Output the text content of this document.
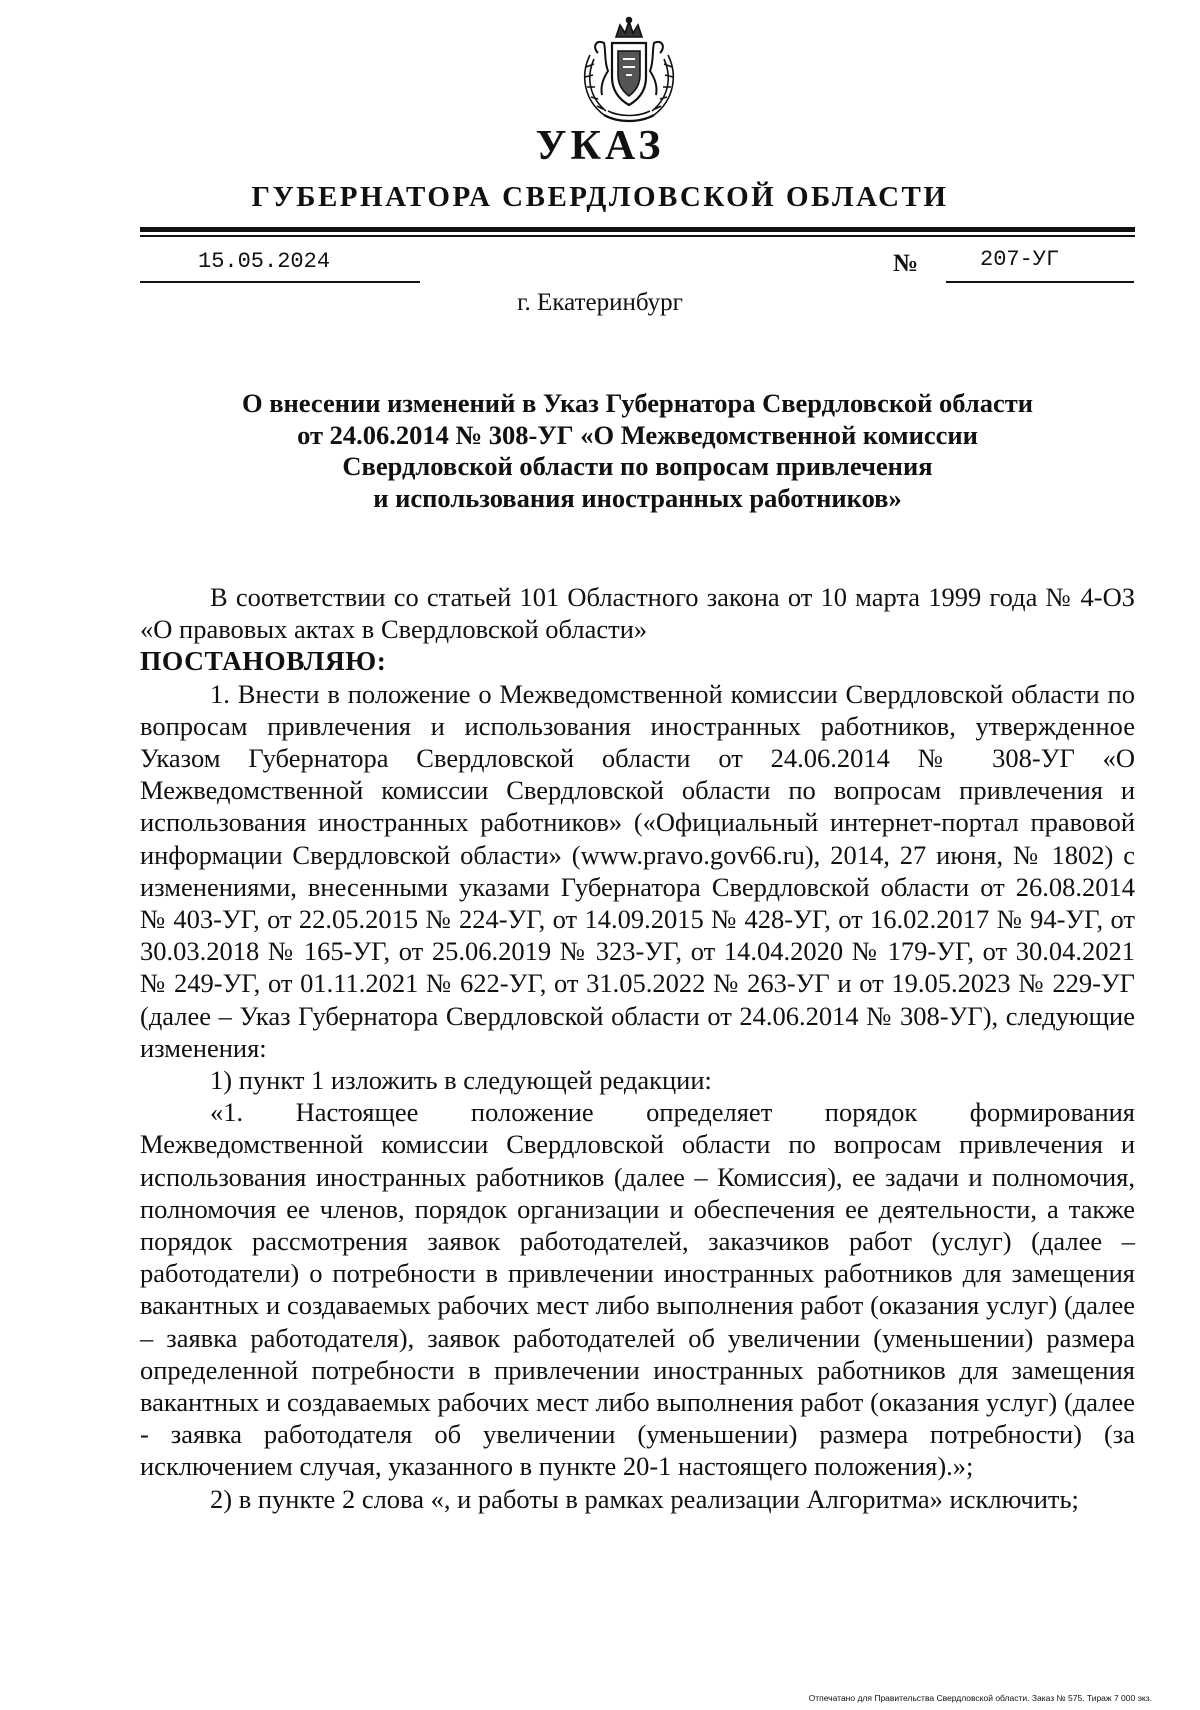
УКАЗ
ГУБЕРНАТОРА СВЕРДЛОВСКОЙ ОБЛАСТИ
15.05.2024	№	207-УГ
г. Екатеринбург
О внесении изменений в Указ Губернатора Свердловской области
от 24.06.2014 № 308-УГ «О Межведомственной комиссии
Свердловской области по вопросам привлечения
и использования иностранных работников»

В соответствии со статьей 101 Областного закона от 10 марта 1999 года № 4-ОЗ «О правовых актах в Свердловской области»

ПОСТАНОВЛЯЮ:

1. Внести в положение о Межведомственной комиссии Свердловской области по вопросам привлечения и использования иностранных работников, утвержденное Указом Губернатора Свердловской области от 24.06.2014 № 308-УГ «О Межведомственной комиссии Свердловской области по вопросам привлечения и использования иностранных работников» («Официальный интернет-портал правовой информации Свердловской области» (www.pravo.gov66.ru), 2014, 27 июня, № 1802) с изменениями, внесенными указами Губернатора Свердловской области от 26.08.2014 № 403-УГ, от 22.05.2015 № 224-УГ, от 14.09.2015 № 428-УГ, от 16.02.2017 № 94-УГ, от 30.03.2018 № 165-УГ, от 25.06.2019 № 323-УГ, от 14.04.2020 № 179-УГ, от 30.04.2021 № 249-УГ, от 01.11.2021 № 622-УГ, от 31.05.2022 № 263-УГ и от 19.05.2023 № 229-УГ (далее – Указ Губернатора Свердловской области от 24.06.2014 № 308-УГ), следующие изменения:

1) пункт 1 изложить в следующей редакции:

«1. Настоящее положение определяет порядок формирования Межведомственной комиссии Свердловской области по вопросам привлечения и использования иностранных работников (далее – Комиссия), ее задачи и полномочия, полномочия ее членов, порядок организации и обеспечения ее деятельности, а также порядок рассмотрения заявок работодателей, заказчиков работ (услуг) (далее – работодатели) о потребности в привлечении иностранных работников для замещения вакантных и создаваемых рабочих мест либо выполнения работ (оказания услуг) (далее – заявка работодателя), заявок работодателей об увеличении (уменьшении) размера определенной потребности в привлечении иностранных работников для замещения вакантных и создаваемых рабочих мест либо выполнения работ (оказания услуг) (далее - заявка работодателя об увеличении (уменьшении) размера потребности) (за исключением случая, указанного в пункте 20-1 настоящего положения).»;

2) в пункте 2 слова «, и работы в рамках реализации Алгоритма» исключить;

Отпечатано для Правительства Свердловской области. Заказ № 575. Тираж 7 000 экз.
